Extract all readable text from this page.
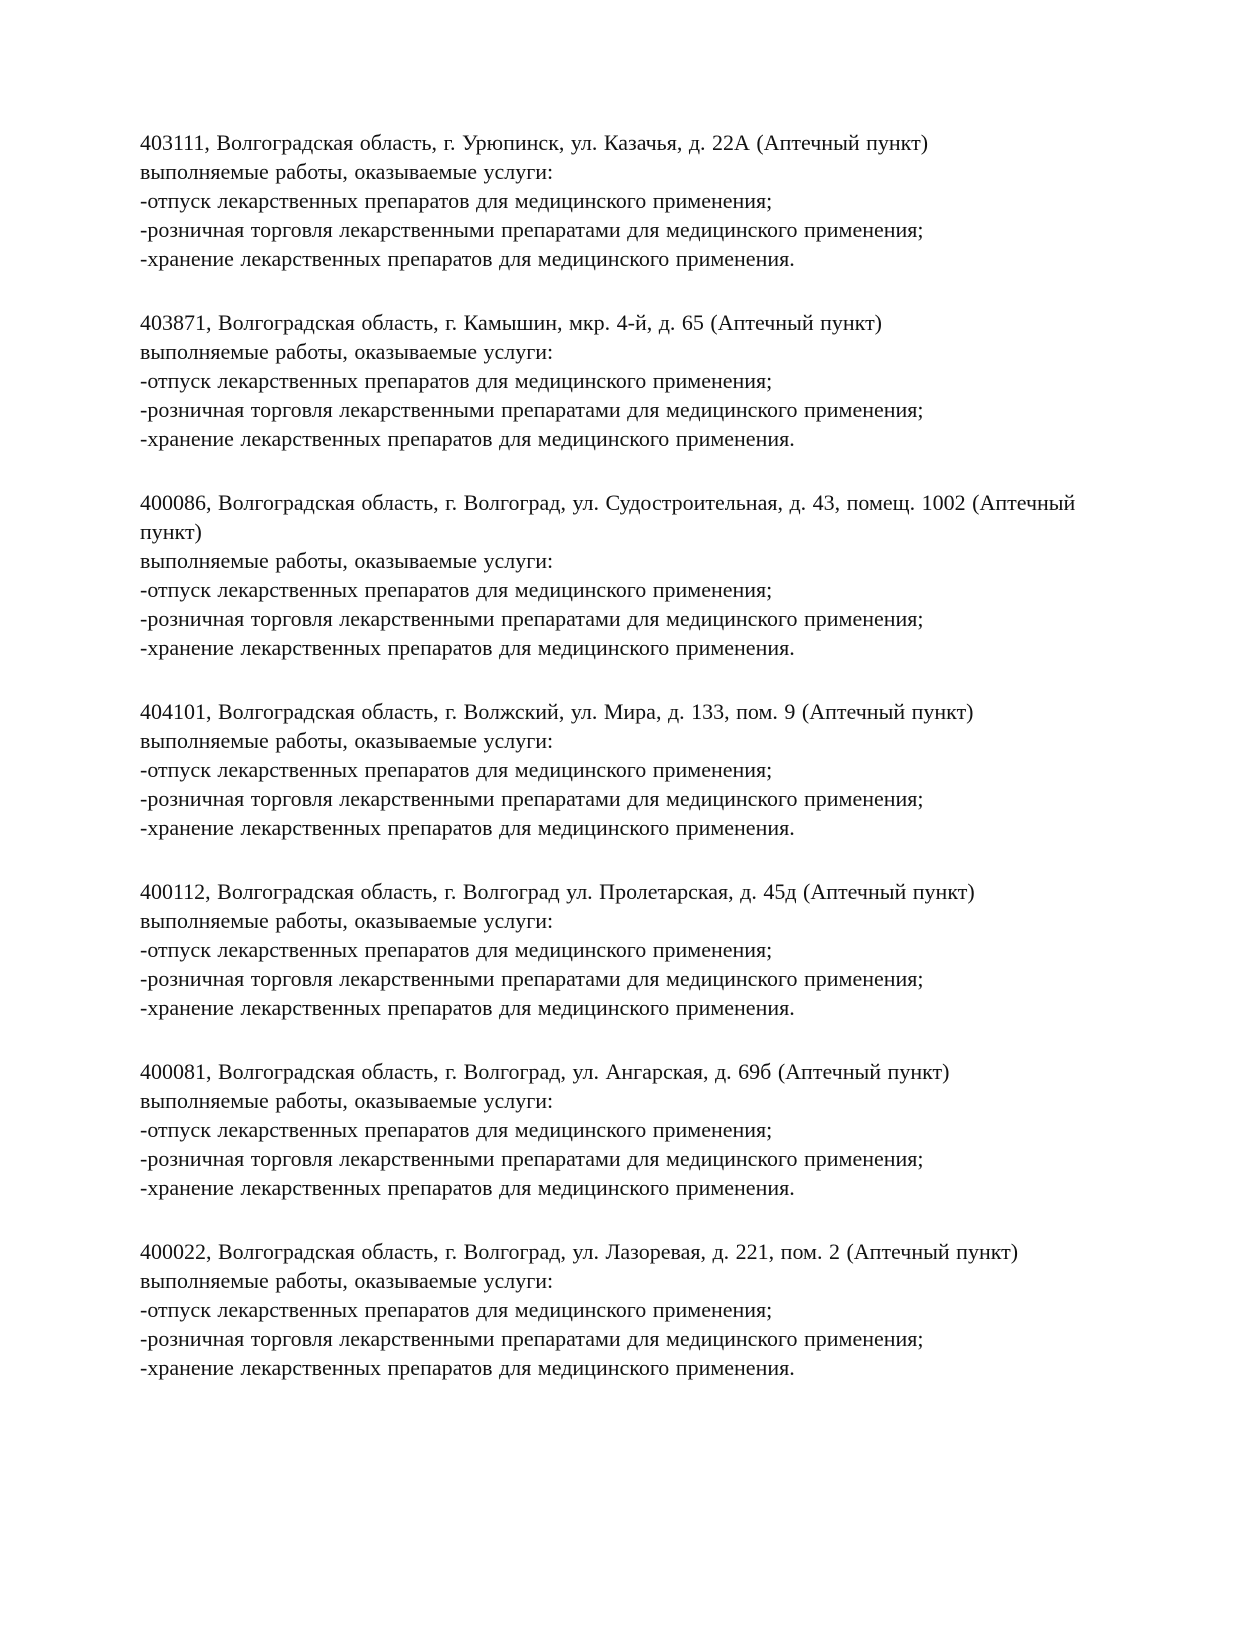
403111, Волгоградская область, г. Урюпинск, ул. Казачья, д. 22А (Аптечный пункт)

выполняемые работы, оказываемые услуги:

-отпуск лекарственных препаратов для медицинского применения;

-розничная торговля лекарственными препаратами для медицинского применения;

-хранение лекарственных препаратов для медицинского применения.

403871, Волгоградская область, г. Камышин, мкр. 4-й, д. 65 (Аптечный пункт)

выполняемые работы, оказываемые услуги:

-отпуск лекарственных препаратов для медицинского применения;

-розничная торговля лекарственными препаратами для медицинского применения;

-хранение лекарственных препаратов для медицинского применения.

400086, Волгоградская область, г. Волгоград, ул. Судостроительная, д. 43, помещ. 1002 (Аптечный пункт)

выполняемые работы, оказываемые услуги:

-отпуск лекарственных препаратов для медицинского применения;

-розничная торговля лекарственными препаратами для медицинского применения;

-хранение лекарственных препаратов для медицинского применения.

404101, Волгоградская область, г. Волжский, ул. Мира, д. 133, пом. 9 (Аптечный пункт)

выполняемые работы, оказываемые услуги:

-отпуск лекарственных препаратов для медицинского применения;

-розничная торговля лекарственными препаратами для медицинского применения;

-хранение лекарственных препаратов для медицинского применения.

400112, Волгоградская область, г. Волгоград ул. Пролетарская, д. 45д (Аптечный пункт)

выполняемые работы, оказываемые услуги:

-отпуск лекарственных препаратов для медицинского применения;

-розничная торговля лекарственными препаратами для медицинского применения;

-хранение лекарственных препаратов для медицинского применения.

400081, Волгоградская область, г. Волгоград, ул. Ангарская, д. 69б (Аптечный пункт)

выполняемые работы, оказываемые услуги:

-отпуск лекарственных препаратов для медицинского применения;

-розничная торговля лекарственными препаратами для медицинского применения;

-хранение лекарственных препаратов для медицинского применения.

400022, Волгоградская область, г. Волгоград, ул. Лазоревая, д. 221, пом. 2 (Аптечный пункт)

выполняемые работы, оказываемые услуги:

-отпуск лекарственных препаратов для медицинского применения;

-розничная торговля лекарственными препаратами для медицинского применения;

-хранение лекарственных препаратов для медицинского применения.
